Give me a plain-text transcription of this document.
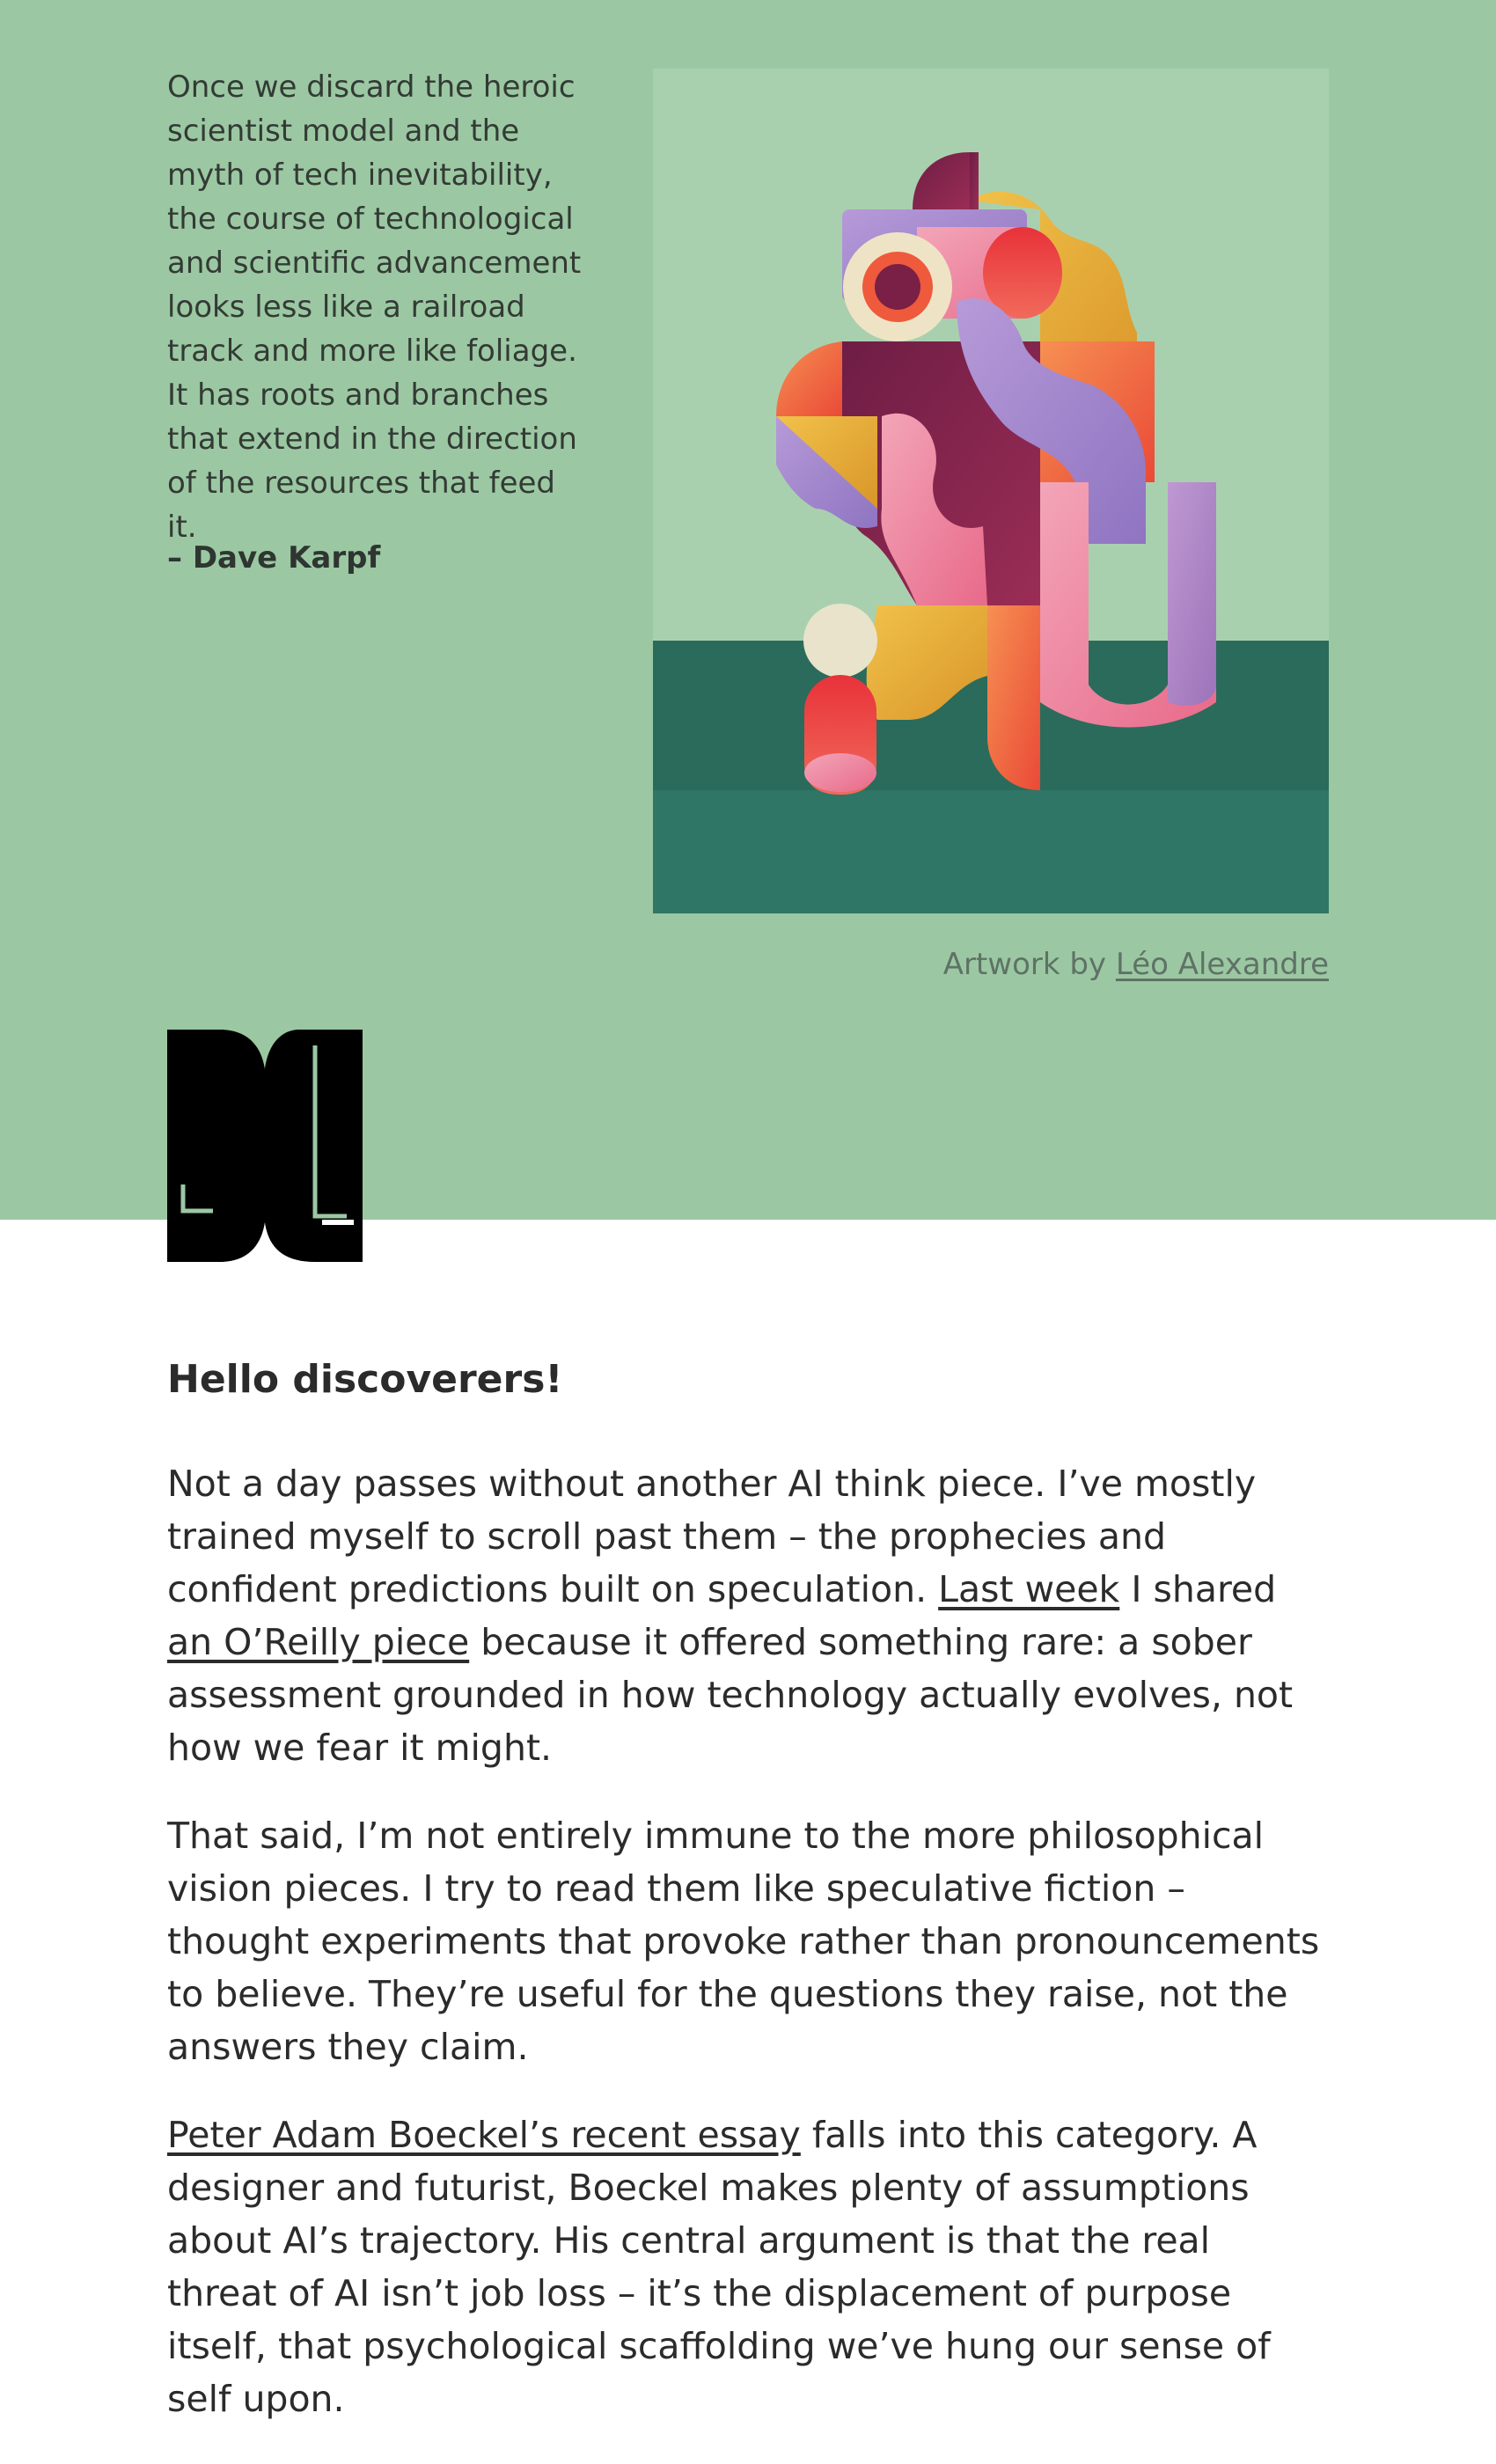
Once we discard the heroic scientist model and the myth of tech inevitability, the course of technological and scientific advancement looks less like a railroad track and more like foliage. It has roots and branches that extend in the direction of the resources that feed it.

– Dave Karpf

Artwork by Léo Alexandre

Hello discoverers!

Not a day passes without another AI think piece. I’ve mostly trained myself to scroll past them – the prophecies and confident predictions built on speculation. Last week I shared an O’Reilly piece because it offered something rare: a sober assessment grounded in how technology actually evolves, not how we fear it might.

That said, I’m not entirely immune to the more philosophical vision pieces. I try to read them like speculative fiction – thought experiments that provoke rather than pronouncements to believe. They’re useful for the questions they raise, not the answers they claim.

Peter Adam Boeckel’s recent essay falls into this category. A designer and futurist, Boeckel makes plenty of assumptions about AI’s trajectory. His central argument is that the real threat of AI isn’t job loss – it’s the displacement of purpose itself, that psychological scaffolding we’ve hung our sense of self upon.
